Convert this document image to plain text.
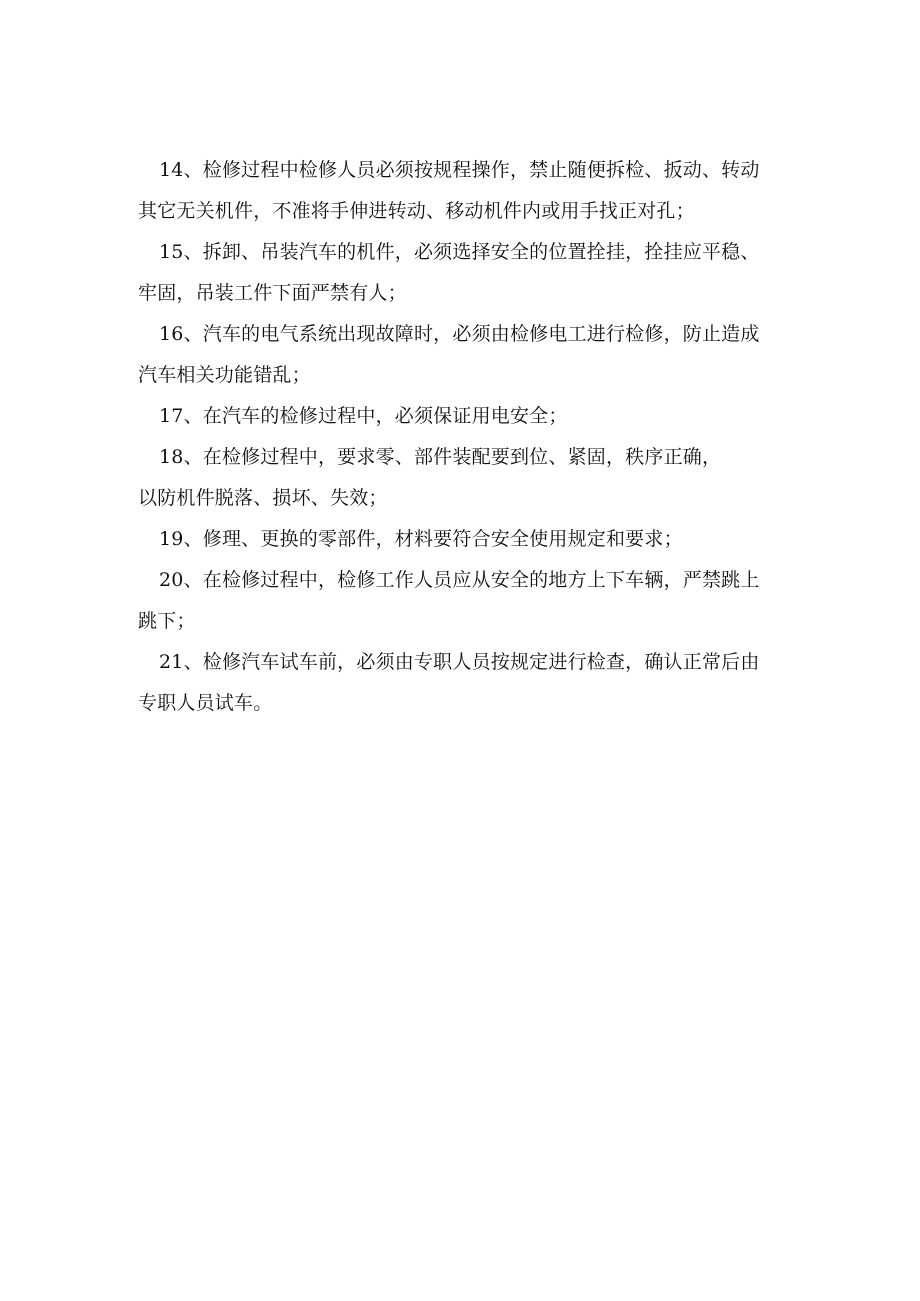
14、检修过程中检修人员必须按规程操作，禁止随便拆检、扳动、转动
其它无关机件，不准将手伸进转动、移动机件内或用手找正对孔；

15、拆卸、吊装汽车的机件，必须选择安全的位置拴挂，拴挂应平稳、
牢固，吊装工件下面严禁有人；

16、汽车的电气系统出现故障时，必须由检修电工进行检修，防止造成
汽车相关功能错乱；

17、在汽车的检修过程中，必须保证用电安全；

18、在检修过程中，要求零、部件装配要到位、紧固，秩序正确，
以防机件脱落、损坏、失效；

19、修理、更换的零部件，材料要符合安全使用规定和要求；

20、在检修过程中，检修工作人员应从安全的地方上下车辆，严禁跳上
跳下；

21、检修汽车试车前，必须由专职人员按规定进行检查，确认正常后由
专职人员试车。
